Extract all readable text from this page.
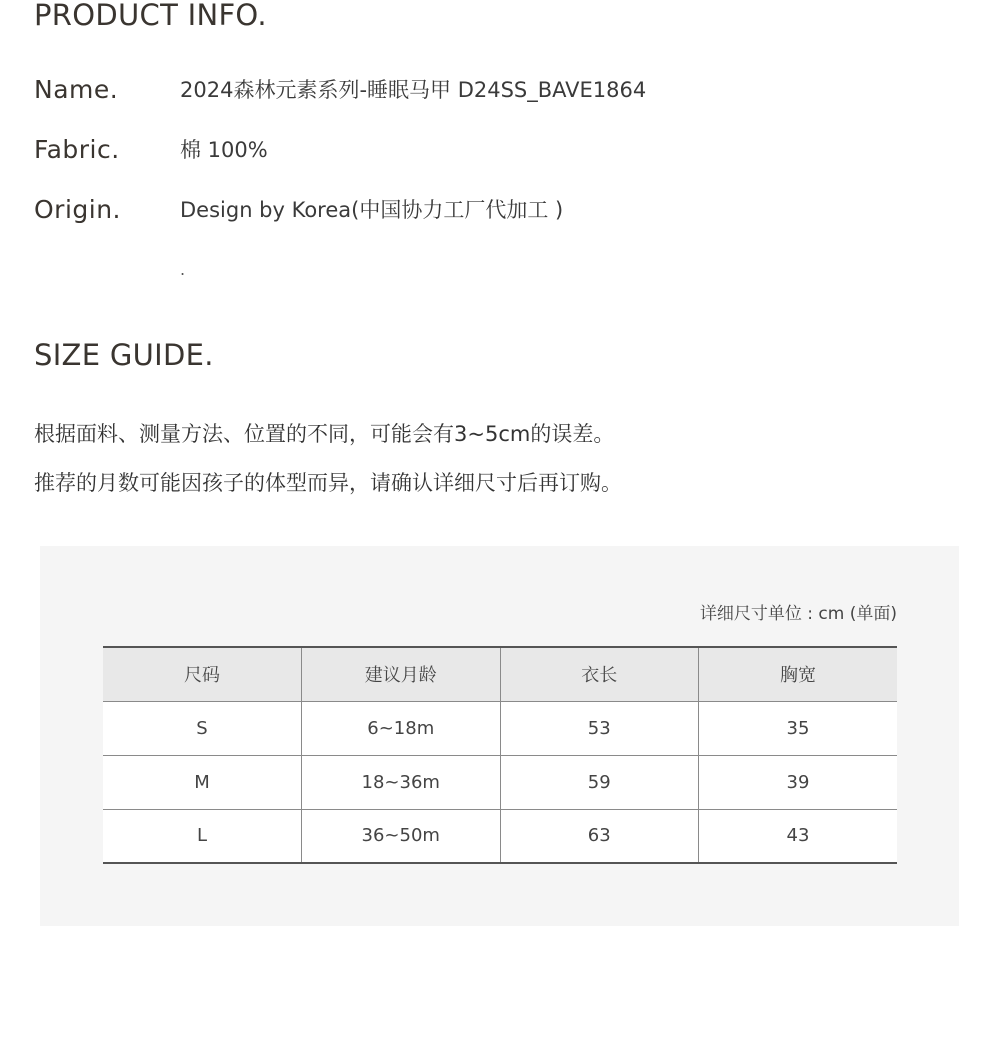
PRODUCT INFO.
Name.	2024森林元素系列-睡眠马甲 D24SS_BAVE1864
Fabric.	棉 100%
Origin.	Design by Korea(中国协力工厂代加工 )
.
SIZE GUIDE.

根据面料、测量方法、位置的不同，可能会有3~5cm的误差。

推荐的月数可能因孩子的体型而异，请确认详细尺寸后再订购。

详细尺寸单位 : cm (单面)
尺码	建议月龄	衣长	胸宽
S	6~18m	53	35
M	18~36m	59	39
L	36~50m	63	43
